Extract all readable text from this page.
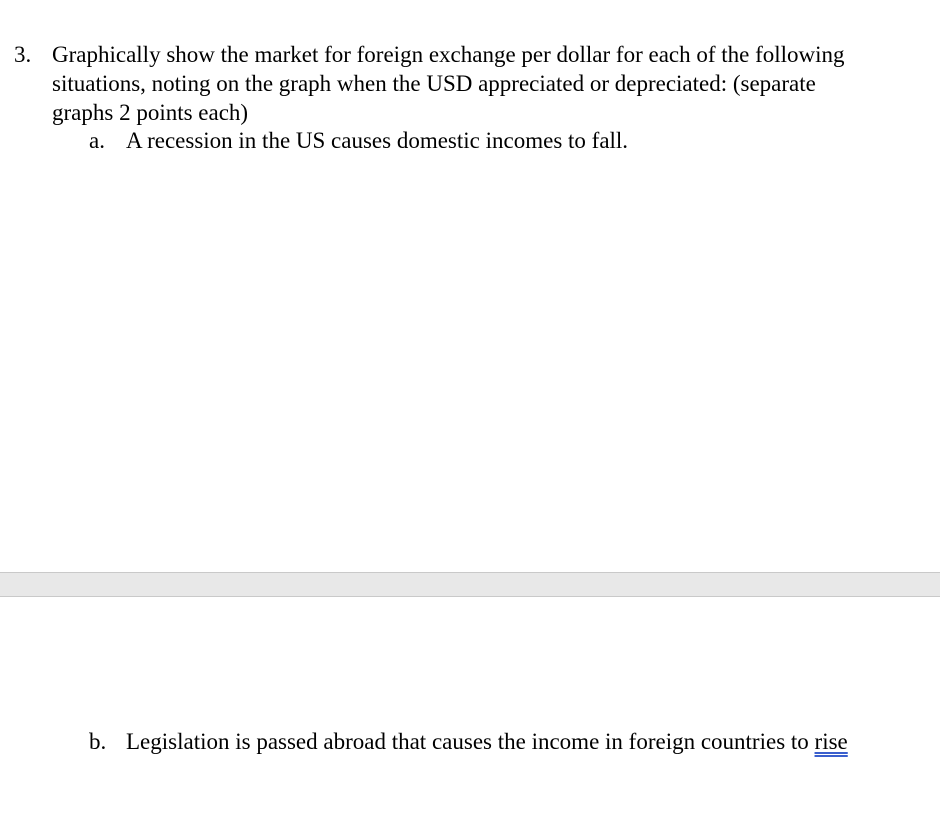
3. Graphically show the market for foreign exchange per dollar for each of the following
situations, noting on the graph when the USD appreciated or depreciated: (separate
graphs 2 points each)
a. A recession in the US causes domestic incomes to fall.
b. Legislation is passed abroad that causes the income in foreign countries to rise
